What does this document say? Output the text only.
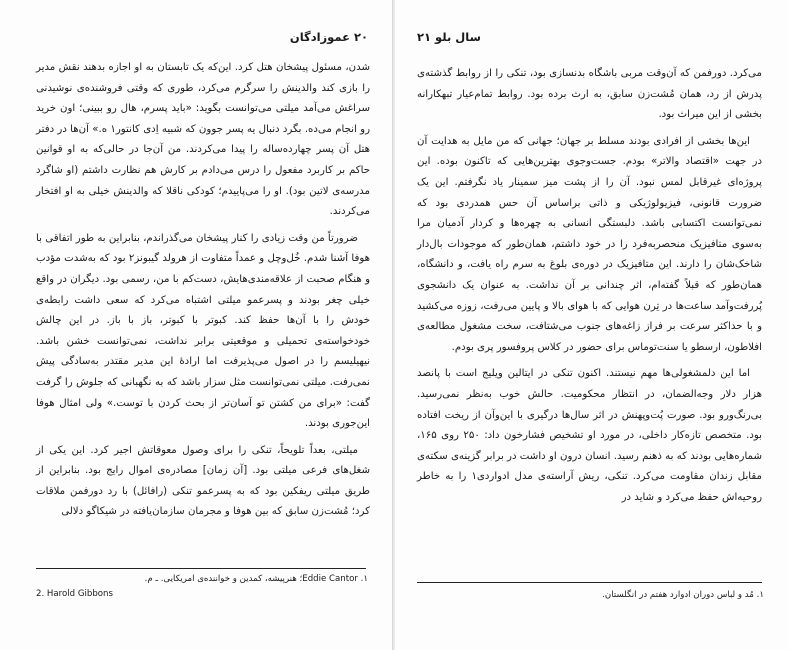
۲۰ عموزادگان

شدن، مسئول پیشخان هتل کرد. این‌که یک تابستان به او اجازه بدهند نقش مدیر را بازی کند والدینش را سرگرم می‌کرد، طوری که وقتی فروشنده‌ی نوشیدنی سراغش می‌آمد میلتی می‌توانست بگوید: «باید پسرم، هال رو ببینی؛ اون خرید رو انجام می‌ده. بگرد دنبال یه پسر جوون که شبیه اِدی کانتور۱ ه.» آن‌ها در دفتر هتل آن پسر چهارده‌ساله را پیدا می‌کردند. من آن‌جا در حالی‌که به او قوانین حاکم بر کاربرد مفعول را درس می‌دادم بر کارش هم نظارت داشتم (او شاگرد مدرسه‌ی لاتین بود). او را می‌پاییدم؛ کودکی ناقلا که والدینش خیلی به او افتخار می‌کردند.

ضرورتاً من وقت زیادی را کنار پیشخان می‌گذراندم، بنابراین به طور اتفاقی با هوفا آشنا شدم. خُل‌وچل و عمداً متفاوت از هرولد گیبونز۲ بود که به‌شدت مؤدب و هنگام صحبت از علاقه‌مندی‌هایش، دست‌کم با من، رسمی بود. دیگران در واقع خیلی چغر بودند و پسرعمو میلتی اشتباه می‌کرد که سعی داشت رابطه‌ی خودش را با آن‌ها حفظ کند. کبوتر با کبوتر، باز با باز. در این چالش خودخواسته‌ی تحمیلی و موقعیتی برابر نداشت، نمی‌توانست خشن باشد. نیهیلیسم را در اصول می‌پذیرفت اما ارادهٔ این مدیر مقتدر به‌سادگی پیش نمی‌رفت. میلتی نمی‌توانست مثل سزار باشد که به نگهبانی که جلوش را گرفت گفت: «برای من کشتن تو آسان‌تر از بحث کردن با توست.» ولی امثال هوفا این‌جوری بودند.

میلتی، بعداً تلویحاً، تنکی را برای وصول معوقاتش اجیر کرد. این یکی از شغل‌های فرعی میلتی بود. [آن زمان] مصادره‌ی اموال رایج بود. بنابراین از طریق میلتی ریفکین بود که به پسرعمو تنکی (رافائل) با رد دورفمن ملاقات کرد؛ مُشت‌زن سابق که بین هوفا و مجرمان سازمان‌یافته در شیکاگو دلالی

۱. Eddie Cantor؛ هنرپیشه، کمدین و خواننده‌ی امریکایی. ـ م.
2. Harold Gibbons
سال بلو ۲۱

می‌کرد. دورفمن که آن‌وقت مربی باشگاه بدنسازی بود، تنکی را از روابط گذشته‌ی پدرش از رد، همان مُشت‌زن سابق، به ارث برده بود. روابط تمام‌عیار تبهکارانه بخشی از این میراث بود.

این‌ها بخشی از افرادی بودند مسلط بر جهان؛ جهانی که من مایل به هدایت آن در جهت «اقتصاد والاتر» بودم. جست‌وجوی بهترین‌هایی که تاکنون بوده. این پروژه‌ای غیرقابل لمس نبود. آن را از پشت میز سمینار یاد نگرفتم. این یک ضرورت قانونی، فیزیولوژیکی و ذاتی براساس آن حس همدردی بود که نمی‌توانست اکتسابی باشد. دلبستگی انسانی به چهره‌ها و کردار آدمیان مرا به‌سوی متافیزیک منحصربه‌فرد را در خود داشتم، همان‌طور که موجودات بال‌دار شاخک‌شان را دارند. این متافیزیک در دوره‌ی بلوغ به سرم راه یافت، و دانشگاه، همان‌طور که قبلاً گفته‌ام، اثر چندانی بر آن نداشت. به عنوان یک دانشجوی پُررفت‌وآمد ساعت‌ها در تِرن هوایی که با هوای بالا و پایین می‌رفت، زوزه می‌کشید و با حداکثر سرعت بر فراز زاغه‌های جنوب می‌شتافت، سخت مشغول مطالعه‌ی افلاطون، ارسطو یا سنت‌توماس برای حضور در کلاس پروفسور پری بودم.

اما این دلمشغولی‌ها مهم نیستند. اکنون تنکی در ایتالین ویلیج است با پانصد هزار دلار وجه‌الضمان، در انتظار محکومیت. حالش خوب به‌نظر نمی‌رسید. بی‌رنگ‌ورو بود. صورت پُت‌وپهنش در اثر سال‌ها درگیری با این‌وآن از ریخت افتاده بود. متخصص تازه‌کار داخلی، در مورد او تشخیص فشارخون داد: ۲۵۰ روی ۱۶۵، شماره‌هایی بودند که به ذهنم رسید. انسان درون او داشت در برابر گزینه‌ی سکته‌ی مقابل زندان مقاومت می‌کرد. تنکی، ریش آراسته‌ی مدل ادواردی۱ را به خاطر روحیه‌اش حفظ می‌کرد و شاید در

۱. مُد و لباس دوران ادوارد هفتم در انگلستان.
